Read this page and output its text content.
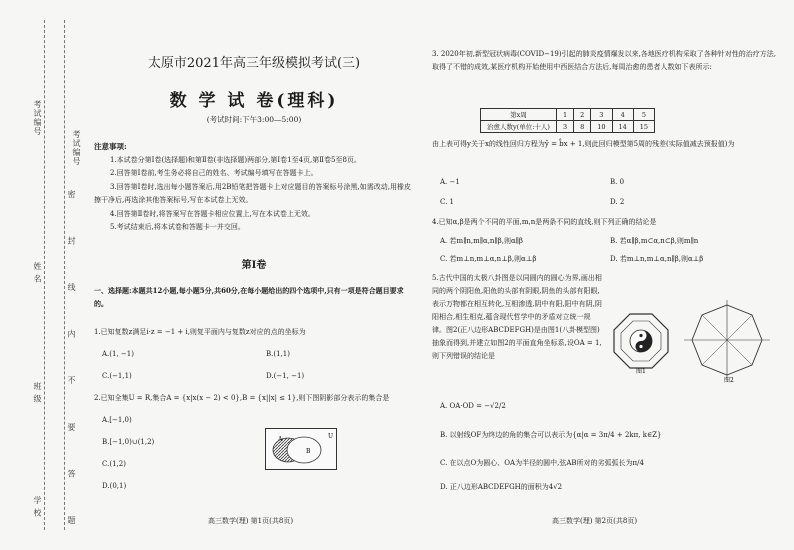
考试编号
考试编号
密 封 线 内 不 要 答 题
姓 名
班 级
学 校
太原市2021年高三年级模拟考试(三)
数 学 试 卷(理科)
(考试时间:下午3:00—5:00)
注意事项:

1.本试卷分第Ⅰ卷(选择题)和第Ⅱ卷(非选择题)两部分,第Ⅰ卷1至4页,第Ⅱ卷5至8页。

2.回答第Ⅰ卷前,考生务必将自己的姓名、考试编号填写在答题卡上。

3.回答第Ⅰ卷时,选出每小题答案后,用2B铅笔把答题卡上对应题目的答案标号涂黑,如需改动,用橡皮擦干净后,再选涂其他答案标号,写在本试卷上无效。

4.回答第Ⅱ卷时,将答案写在答题卡相应位置上,写在本试卷上无效。

5.考试结束后,将本试卷和答题卡一并交回。

第Ⅰ卷
一、选择题:本题共12小题,每小题5分,共60分,在每小题给出的四个选项中,只有一项是符合题目要求的。
1.已知复数z满足i·z = −1 + i,则复平面内与复数z对应的点的坐标为
A.(1, −1)	B.(1,1)
C.(−1,1)	D.(−1, −1)
2.已知全集U = R,集合A = {x|x(x − 2) < 0},B = {x||x| ≤ 1},则下图阴影部分表示的集合是
A.[−1,0)
B.[−1,0)∪(1,2)
C.(1,2)
D.(0,1)
U
A
B
高三数学(理) 第1页(共8页)
3. 2020年初,新型冠状病毒(COVID−19)引起的肺炎疫情爆发以来,各地医疗机构采取了各种针对性的治疗方法,取得了不错的成效,某医疗机构开始使用中西医结合方法后,每周治愈的患者人数如下表所示:
第x周	1	2	3	4	5
治愈人数y(单位:十人)	3	8	10	14	15
由上表可得y关于x的线性回归方程为ŷ = b̂x + 1,则此回归模型第5周的残差(实际值减去预报值)为
A. −1	B. 0
C. 1	D. 2
4.已知α,β是两个不同的平面,m,n是两条不同的直线,则下列正确的结论是
A. 若m∥n,m∥α,n∥β,则α∥β	B. 若α∥β,m⊂α,n⊂β,则m∥n
C. 若m⊥n,m⊥α,n⊥β,则α⊥β	D. 若m⊥n,m⊥α,n∥β,则α⊥β
5.古代中国的太极八卦图是以同圆内的圆心为界,画出相同的两个阴阳鱼,阳鱼的头部有阴眼,阴鱼的头部有阳眼,表示万物都在相互转化,互相渗透,阴中有阳,阳中有阴,阴阳相合,相生相克,蕴含现代哲学中的矛盾对立统一规律。图2(正八边形ABCDEFGH)是由图1(八卦模型图)抽象而得到,并建立如图2的平面直角坐标系,设OA = 1,则下列错误的结论是
图1
图2
A. OA·OD = −√2/2
B. 以射线OF为终边的角的集合可以表示为{α|α = 3π/4 + 2kπ, k∈Z}
C. 在以点O为圆心、OA为半径的圆中,弦AB所对的劣弧弧长为π/4
D. 正八边形ABCDEFGH的面积为4√2
高三数学(理) 第2页(共8页)
